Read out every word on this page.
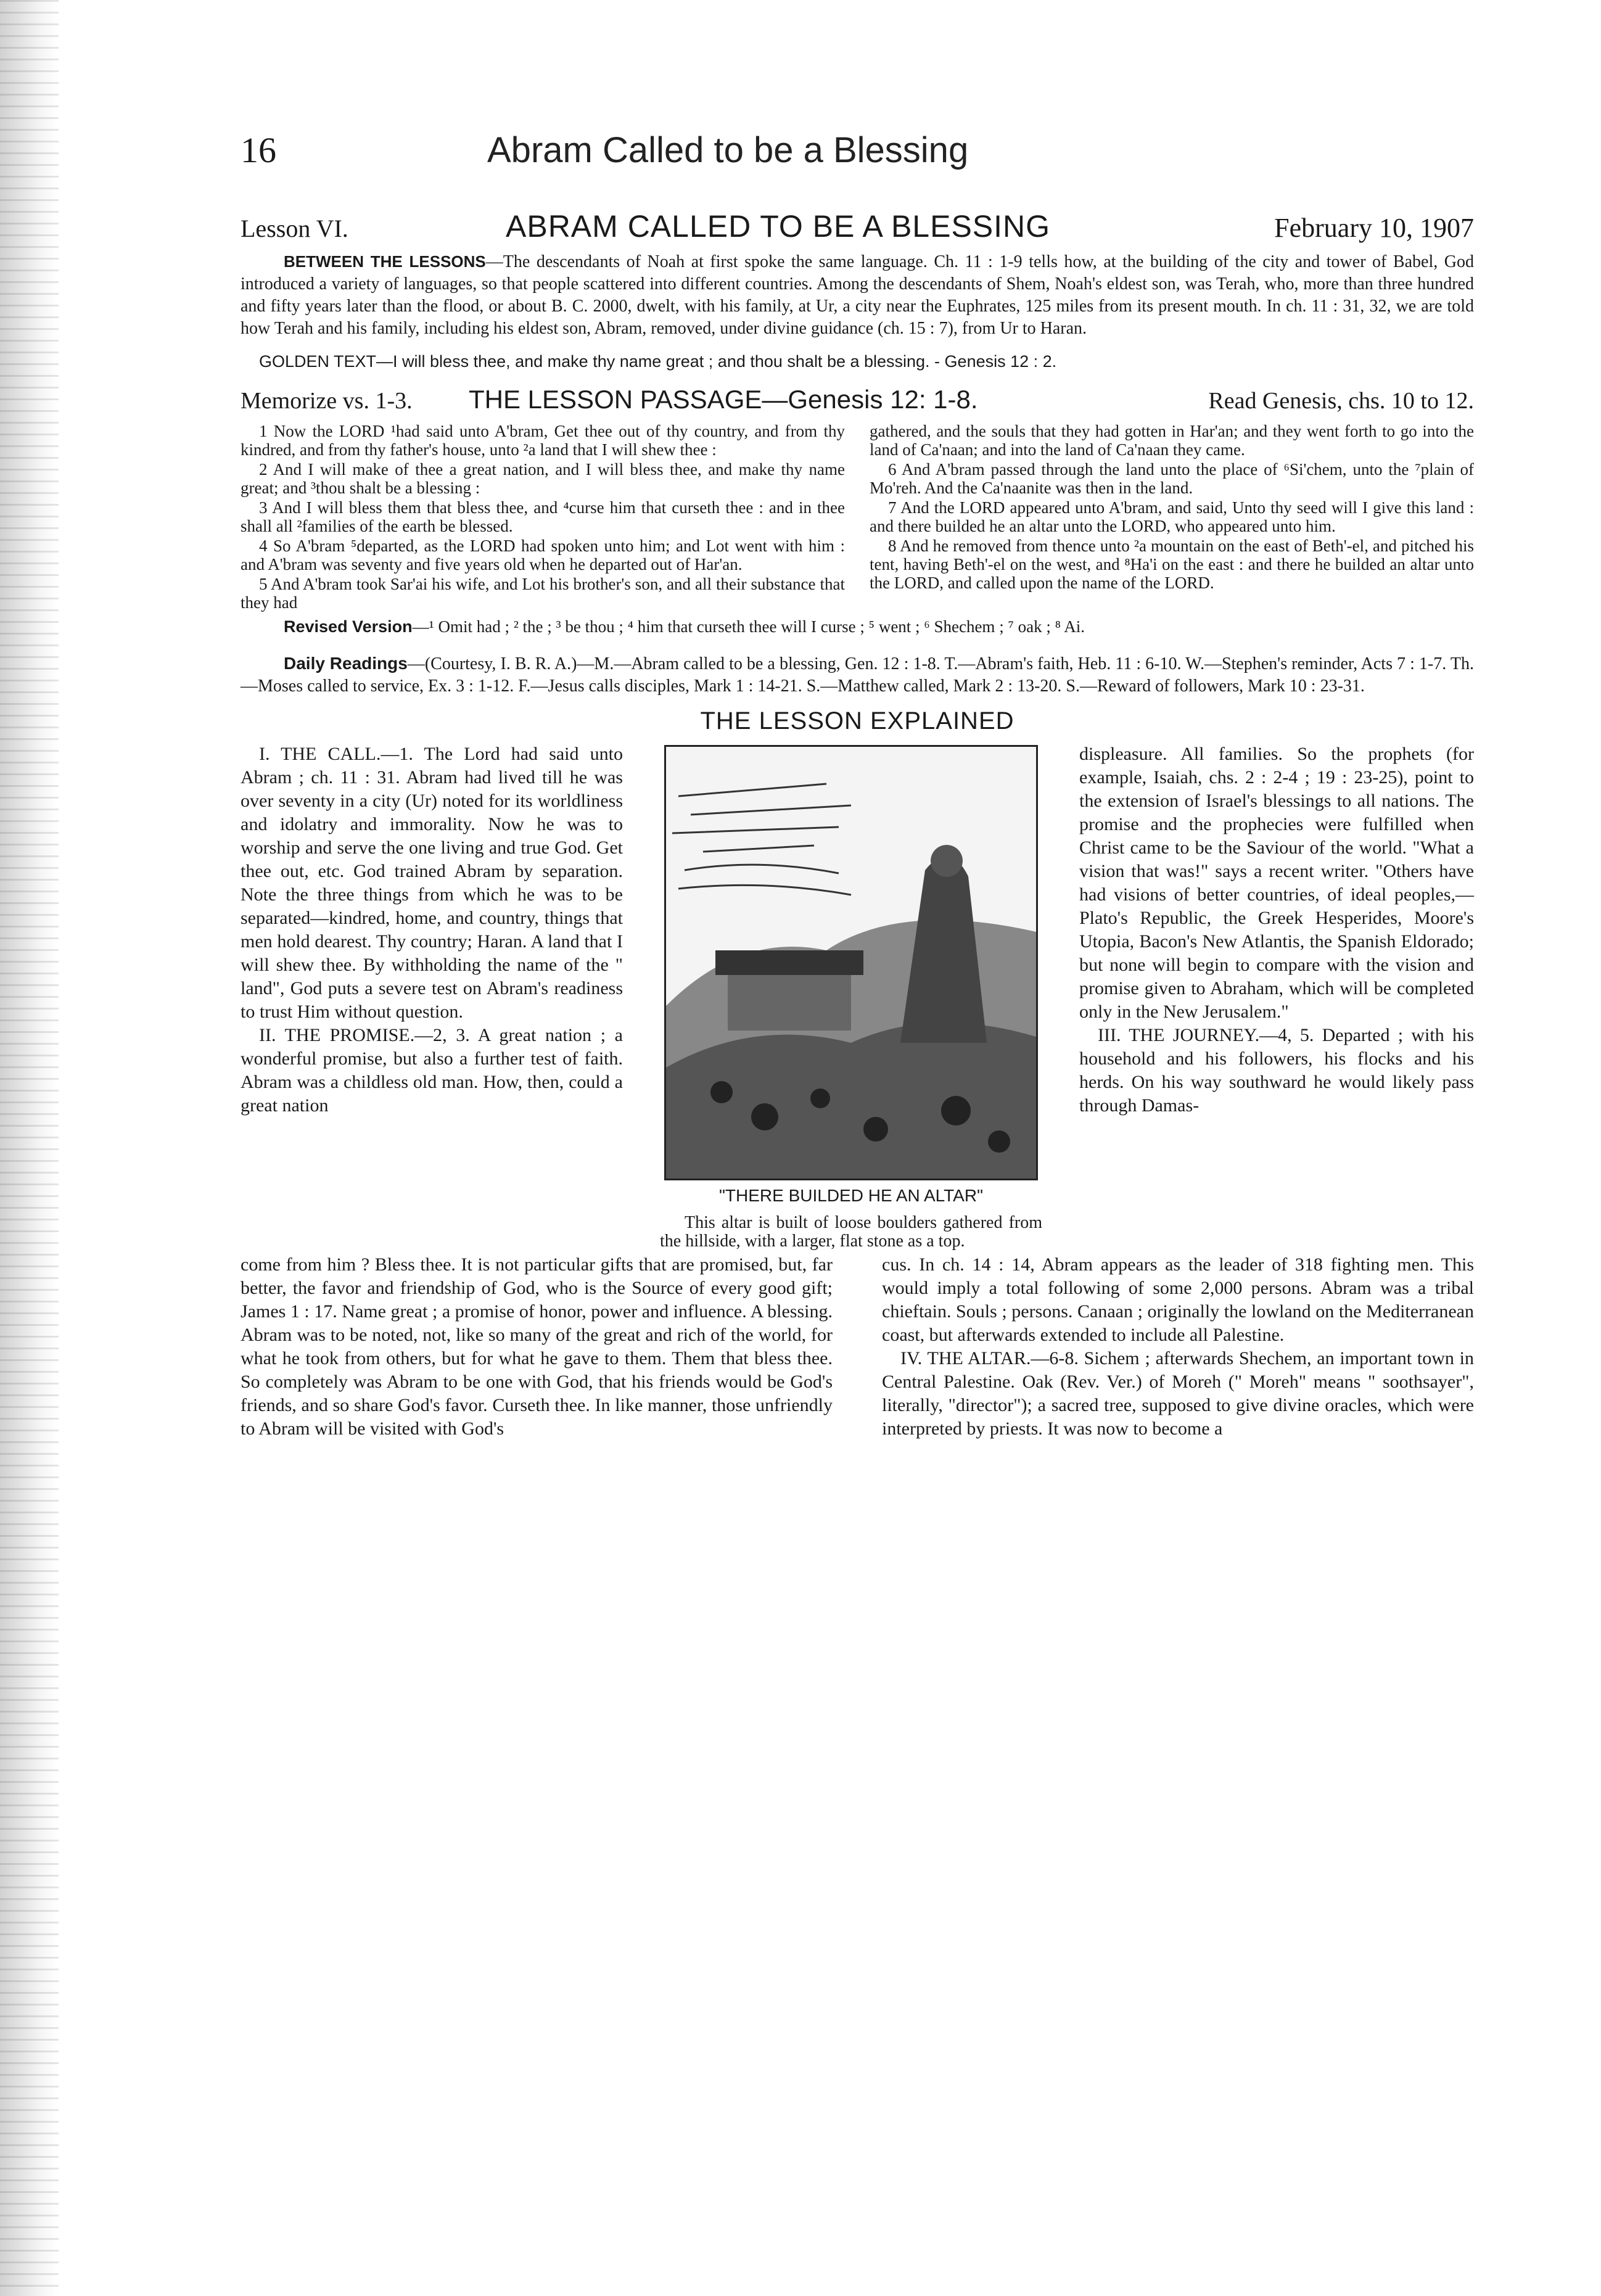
16	Abram Called to be a Blessing
Lesson VI.	ABRAM CALLED TO BE A BLESSING	February 10, 1907
BETWEEN THE LESSONS—The descendants of Noah at first spoke the same language. Ch. 11 : 1-9 tells how, at the building of the city and tower of Babel, God introduced a variety of languages, so that people scattered into different countries. Among the descendants of Shem, Noah's eldest son, was Terah, who, more than three hundred and fifty years later than the flood, or about B. C. 2000, dwelt, with his family, at Ur, a city near the Euphrates, 125 miles from its present mouth. In ch. 11 : 31, 32, we are told how Terah and his family, including his eldest son, Abram, removed, under divine guidance (ch. 15 : 7), from Ur to Haran.
GOLDEN TEXT—I will bless thee, and make thy name great ; and thou shalt be a blessing. - Genesis 12 : 2.
Memorize vs. 1-3.	THE LESSON PASSAGE—Genesis 12: 1-8.	Read Genesis, chs. 10 to 12.

1 Now the LORD ¹had said unto A'bram, Get thee out of thy country, and from thy kindred, and from thy father's house, unto ²a land that I will shew thee :

2 And I will make of thee a great nation, and I will bless thee, and make thy name great; and ³thou shalt be a blessing :

3 And I will bless them that bless thee, and ⁴curse him that curseth thee : and in thee shall all ²families of the earth be blessed.

4 So A'bram ⁵departed, as the LORD had spoken unto him; and Lot went with him : and A'bram was seventy and five years old when he departed out of Har'an.

5 And A'bram took Sar'ai his wife, and Lot his brother's son, and all their substance that they had

gathered, and the souls that they had gotten in Har'an; and they went forth to go into the land of Ca'naan; and into the land of Ca'naan they came.

6 And A'bram passed through the land unto the place of ⁶Si'chem, unto the ⁷plain of Mo'reh. And the Ca'naanite was then in the land.

7 And the LORD appeared unto A'bram, and said, Unto thy seed will I give this land : and there builded he an altar unto the LORD, who appeared unto him.

8 And he removed from thence unto ²a mountain on the east of Beth'-el, and pitched his tent, having Beth'-el on the west, and ⁸Ha'i on the east : and there he builded an altar unto the LORD, and called upon the name of the LORD.

Revised Version—¹ Omit had ; ² the ; ³ be thou ; ⁴ him that curseth thee will I curse ; ⁵ went ; ⁶ Shechem ; ⁷ oak ; ⁸ Ai.
Daily Readings—(Courtesy, I. B. R. A.)—M.—Abram called to be a blessing, Gen. 12 : 1-8. T.—Abram's faith, Heb. 11 : 6-10. W.—Stephen's reminder, Acts 7 : 1-7. Th.—Moses called to service, Ex. 3 : 1-12. F.—Jesus calls disciples, Mark 1 : 14-21. S.—Matthew called, Mark 2 : 13-20. S.—Reward of followers, Mark 10 : 23-31.
THE LESSON EXPLAINED

I. THE CALL.—1. The Lord had said unto Abram ; ch. 11 : 31. Abram had lived till he was over seventy in a city (Ur) noted for its worldliness and idolatry and immorality. Now he was to worship and serve the one living and true God. Get thee out, etc. God trained Abram by separation. Note the three things from which he was to be separated—kindred, home, and country, things that men hold dearest. Thy country; Haran. A land that I will shew thee. By withholding the name of the " land", God puts a severe test on Abram's readiness to trust Him without question.

II. THE PROMISE.—2, 3. A great nation ; a wonderful promise, but also a further test of faith. Abram was a childless old man. How, then, could a great nation

"THERE BUILDED HE AN ALTAR"
This altar is built of loose boulders gathered from the hillside, with a larger, flat stone as a top.

displeasure. All families. So the prophets (for example, Isaiah, chs. 2 : 2-4 ; 19 : 23-25), point to the extension of Israel's blessings to all nations. The promise and the prophecies were fulfilled when Christ came to be the Saviour of the world. "What a vision that was!" says a recent writer. "Others have had visions of better countries, of ideal peoples,— Plato's Republic, the Greek Hesperides, Moore's Utopia, Bacon's New Atlantis, the Spanish Eldorado; but none will begin to compare with the vision and promise given to Abraham, which will be completed only in the New Jerusalem."

III. THE JOURNEY.—4, 5. Departed ; with his household and his followers, his flocks and his herds. On his way southward he would likely pass through Damas-

come from him ? Bless thee. It is not particular gifts that are promised, but, far better, the favor and friendship of God, who is the Source of every good gift; James 1 : 17. Name great ; a promise of honor, power and influence. A blessing. Abram was to be noted, not, like so many of the great and rich of the world, for what he took from others, but for what he gave to them. Them that bless thee. So completely was Abram to be one with God, that his friends would be God's friends, and so share God's favor. Curseth thee. In like manner, those unfriendly to Abram will be visited with God's

cus. In ch. 14 : 14, Abram appears as the leader of 318 fighting men. This would imply a total following of some 2,000 persons. Abram was a tribal chieftain. Souls ; persons. Canaan ; originally the lowland on the Mediterranean coast, but afterwards extended to include all Palestine.

IV. THE ALTAR.—6-8. Sichem ; afterwards Shechem, an important town in Central Palestine. Oak (Rev. Ver.) of Moreh (" Moreh" means " soothsayer", literally, "director"); a sacred tree, supposed to give divine oracles, which were interpreted by priests. It was now to become a
